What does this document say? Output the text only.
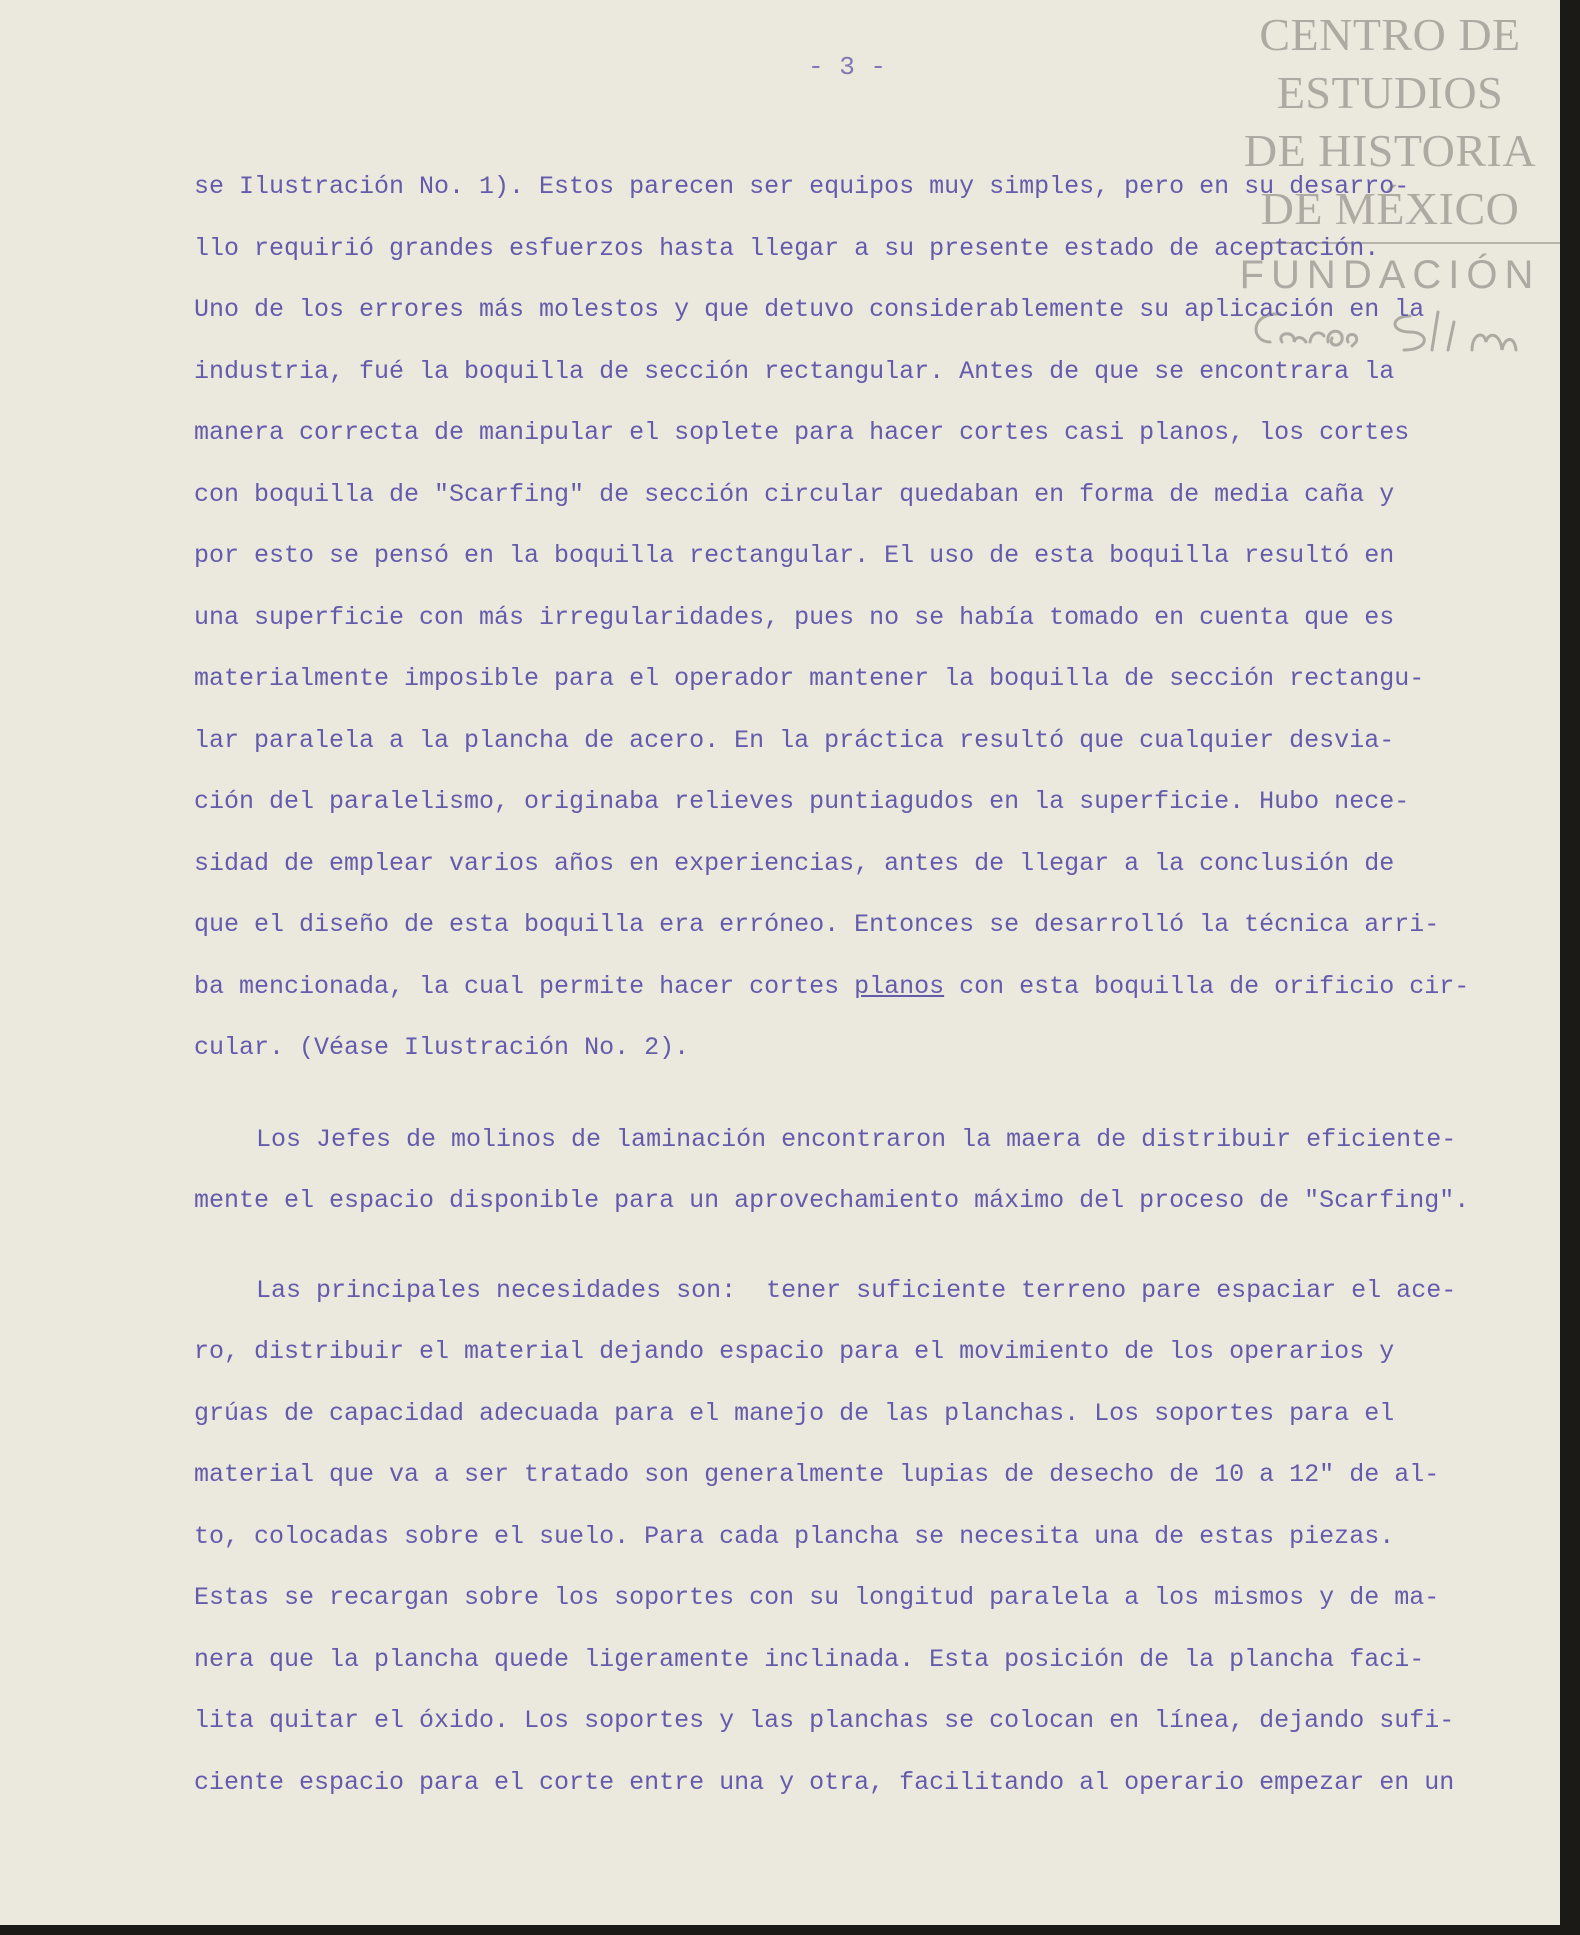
CENTRO DE
ESTUDIOS
DE HISTORIA
DE MÉXICO
FUNDACIÓN
- 3 -
se Ilustración No. 1). Estos parecen ser equipos muy simples, pero en su desarro-
llo requirió grandes esfuerzos hasta llegar a su presente estado de aceptación.
Uno de los errores más molestos y que detuvo considerablemente su aplicación en la
industria, fué la boquilla de sección rectangular. Antes de que se encontrara la
manera correcta de manipular el soplete para hacer cortes casi planos, los cortes
con boquilla de "Scarfing" de sección circular quedaban en forma de media caña y
por esto se pensó en la boquilla rectangular. El uso de esta boquilla resultó en
una superficie con más irregularidades, pues no se había tomado en cuenta que es
materialmente imposible para el operador mantener la boquilla de sección rectangu-
lar paralela a la plancha de acero. En la práctica resultó que cualquier desvia-
ción del paralelismo, originaba relieves puntiagudos en la superficie. Hubo nece-
sidad de emplear varios años en experiencias, antes de llegar a la conclusión de
que el diseño de esta boquilla era erróneo. Entonces se desarrolló la técnica arri-
ba mencionada, la cual permite hacer cortes planos con esta boquilla de orificio cir-
cular. (Véase Ilustración No. 2).
Los Jefes de molinos de laminación encontraron la maera de distribuir eficiente-
mente el espacio disponible para un aprovechamiento máximo del proceso de "Scarfing".
Las principales necesidades son:  tener suficiente terreno pare espaciar el ace-
ro, distribuir el material dejando espacio para el movimiento de los operarios y
grúas de capacidad adecuada para el manejo de las planchas. Los soportes para el
material que va a ser tratado son generalmente lupias de desecho de 10 a 12" de al-
to, colocadas sobre el suelo. Para cada plancha se necesita una de estas piezas.
Estas se recargan sobre los soportes con su longitud paralela a los mismos y de ma-
nera que la plancha quede ligeramente inclinada. Esta posición de la plancha faci-
lita quitar el óxido. Los soportes y las planchas se colocan en línea, dejando sufi-
ciente espacio para el corte entre una y otra, facilitando al operario empezar en un
